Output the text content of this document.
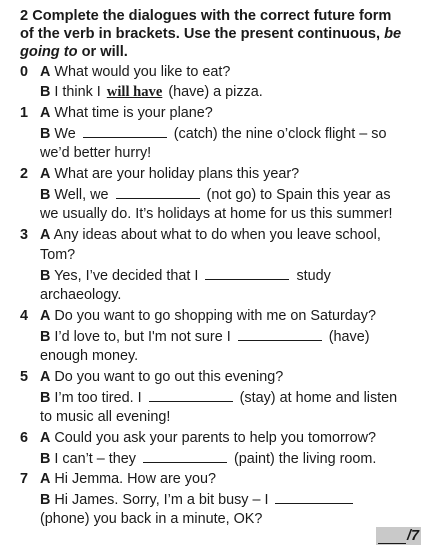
2 Complete the dialogues with the correct future form
of the verb in brackets. Use the present continuous, be
going to or will.
0 A What would you like to eat?
B I think I will have (have) a pizza.
1 A What time is your plane?
B We	(catch) the nine o’clock flight – so
we’d better hurry!
2 A What are your holiday plans this year?
B Well, we	(not go) to Spain this year as
we usually do. It’s holidays at home for us this summer!
3 A Any ideas about what to do when you leave school,
Tom?
B Yes, I’ve decided that I	study
archaeology.
4 A Do you want to go shopping with me on Saturday?
B I’d love to, but I'm not sure I	(have)
enough money.
5 A Do you want to go out this evening?
B I’m too tired. I	(stay) at home and listen
to music all evening!
6 A Could you ask your parents to help you tomorrow?
B I can’t – they	(paint) the living room.
7 A Hi Jemma. How are you?
B Hi James. Sorry, I’m a bit busy – I
(phone) you back in a minute, OK?
/7
